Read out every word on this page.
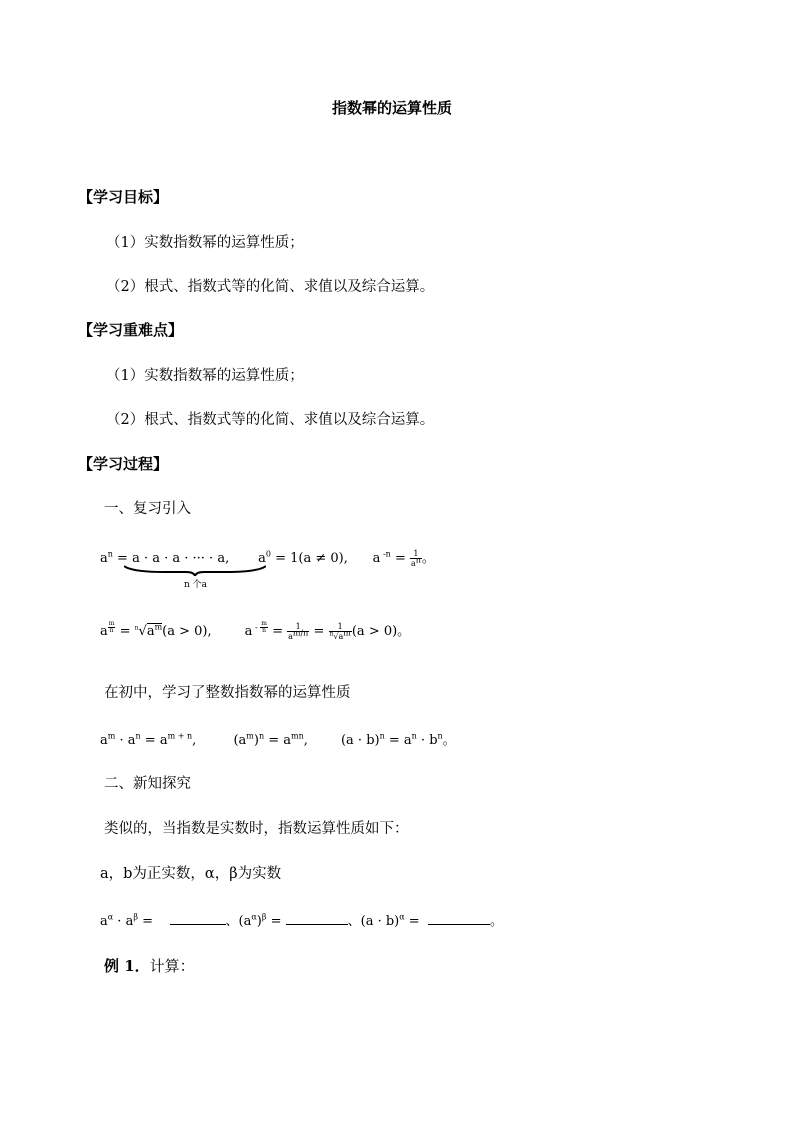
指数幂的运算性质
【学习目标】
（1）实数指数幂的运算性质；
（2）根式、指数式等的化简、求值以及综合运算。
【学习重难点】
（1）实数指数幂的运算性质；
（2）根式、指数式等的化简、求值以及综合运算。
【学习过程】
一、复习引入
$a^n = a \cdot a \cdot a$ · ··· · a,       $a^0 = 1(a \ne 0)$,      a $^{-n} = \frac{1}{a^n}$ 。
n 个a
a $^{\frac{m}{n}} = ^n√a^m(a > 0)$,        a $^{- \frac{m}{n}} = \frac{1}{a^{m/n}} = \frac{1}{^n√a^m} (a > 0)$。
在初中，学习了整数指数幂的运算性质
$a^m \cdot a^n = a^{m + n}$,         $(a^m)^n = a^{mn}$,        $(a \cdot b)^n = a^n \cdot b^n$。
二、新知探究
类似的，当指数是实数时，指数运算性质如下：
a，b为正实数，α，β为实数
$a^\alpha \cdot a^\beta$ =	、$(a^\alpha)^\beta$ =	、$(a \cdot b)^\alpha$ =	。
例 1．计算：
